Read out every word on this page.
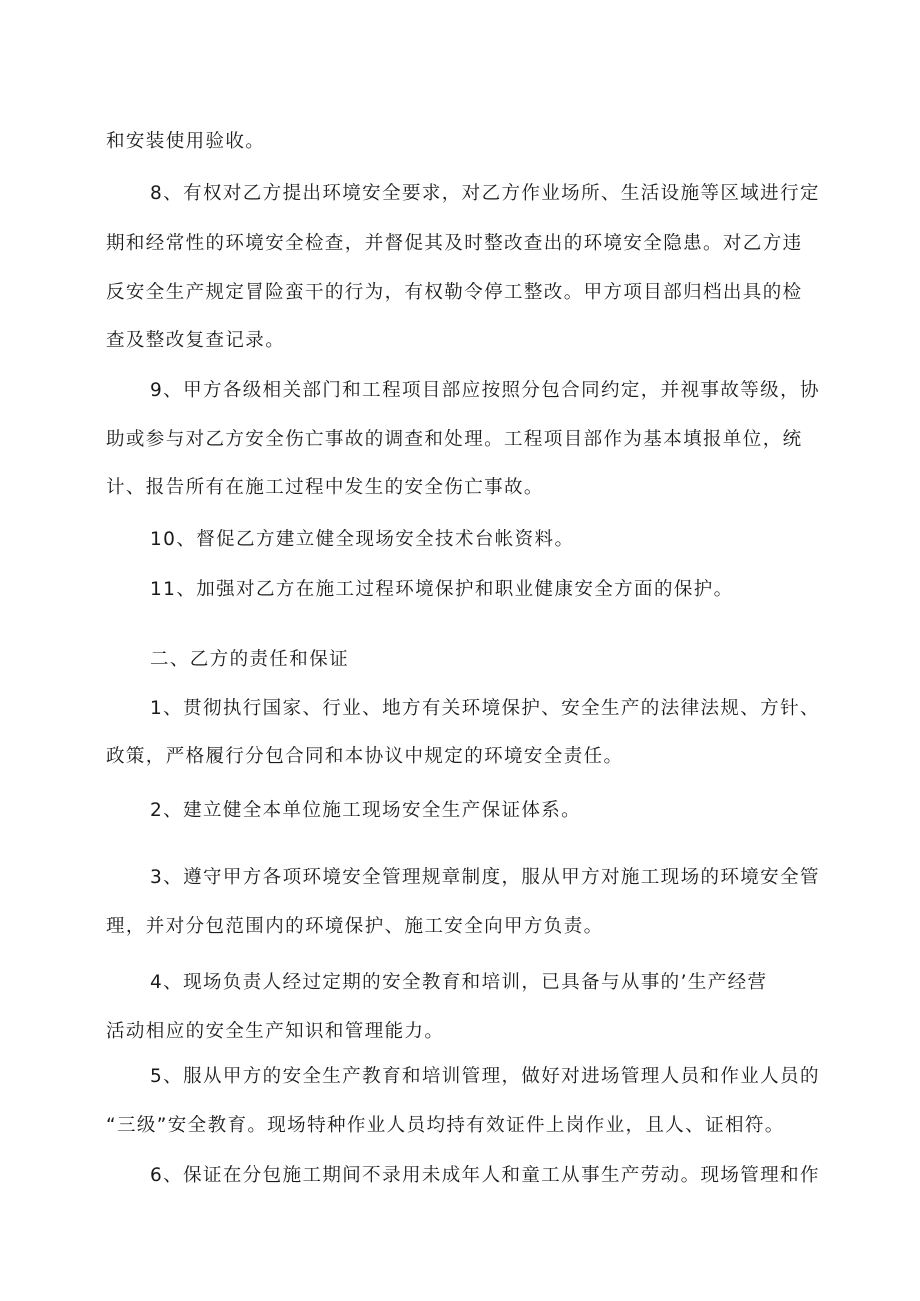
和安装使用验收。
8、有权对乙方提出环境安全要求，对乙方作业场所、生活设施等区域进行定
期和经常性的环境安全检查，并督促其及时整改查出的环境安全隐患。对乙方违
反安全生产规定冒险蛮干的行为，有权勒令停工整改。甲方项目部归档出具的检
查及整改复查记录。
9、甲方各级相关部门和工程项目部应按照分包合同约定，并视事故等级，协
助或参与对乙方安全伤亡事故的调查和处理。工程项目部作为基本填报单位，统
计、报告所有在施工过程中发生的安全伤亡事故。
10、督促乙方建立健全现场安全技术台帐资料。
11、加强对乙方在施工过程环境保护和职业健康安全方面的保护。
二、乙方的责任和保证
1、贯彻执行国家、行业、地方有关环境保护、安全生产的法律法规、方针、
政策，严格履行分包合同和本协议中规定的环境安全责任。
2、建立健全本单位施工现场安全生产保证体系。
3、遵守甲方各项环境安全管理规章制度，服从甲方对施工现场的环境安全管
理，并对分包范围内的环境保护、施工安全向甲方负责。
4、现场负责人经过定期的安全教育和培训，已具备与从事的’生产经营
活动相应的安全生产知识和管理能力。
5、服从甲方的安全生产教育和培训管理，做好对进场管理人员和作业人员的
“三级”安全教育。现场特种作业人员均持有效证件上岗作业，且人、证相符。
6、保证在分包施工期间不录用未成年人和童工从事生产劳动。现场管理和作
